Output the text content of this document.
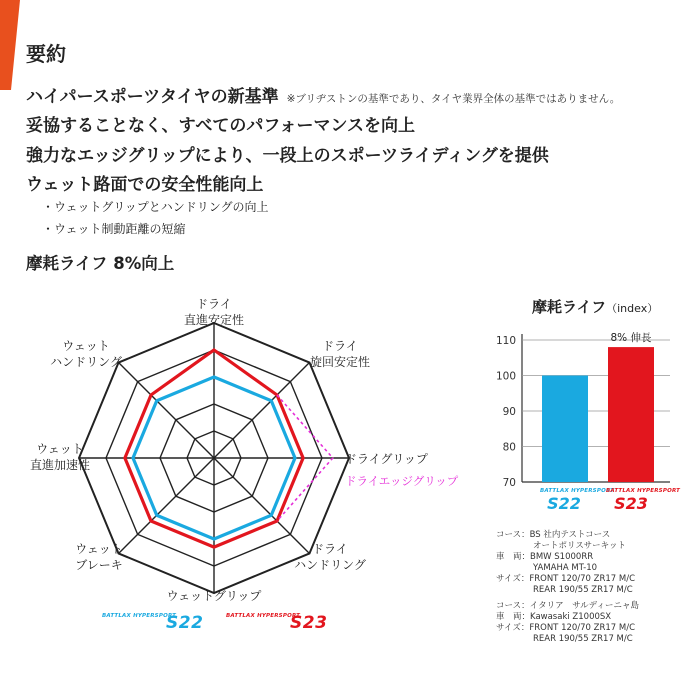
要約
ハイパースポーツタイヤの新基準 ※ブリヂストンの基準であり、タイヤ業界全体の基準ではありません。
妥協することなく、すべてのパフォーマンスを向上
強力なエッジグリップにより、一段上のスポーツライディングを提供
ウェット路面での安全性能向上
・ウェットグリップとハンドリングの向上
・ウェット制動距離の短縮
摩耗ライフ 8%向上
ドライ直進安定性
ドライ旋回安定性
ドライグリップ
ドライハンドリング
ウェットグリップ
ウェットブレーキ
ウェット直進加速性
ウェットハンドリング
ドライエッジグリップ
BATTLAX HYPERSPORT
S22	BATTLAX HYPERSPORT
S23
摩耗ライフ（index）
110
100
90
80
70
8% 伸長
BATTLAX HYPERSPORT
S22
BATTLAX HYPERSPORT
S23
コース：BS 社内テストコース
オートポリスサーキット
車　両：BMW S1000RR
YAMAHA MT-10
サイズ：FRONT 120/70 ZR17 M/C
REAR 190/55 ZR17 M/C
コース：イタリア　サルディーニャ島
車　両：Kawasaki Z1000SX
サイズ：FRONT 120/70 ZR17 M/C
REAR 190/55 ZR17 M/C
